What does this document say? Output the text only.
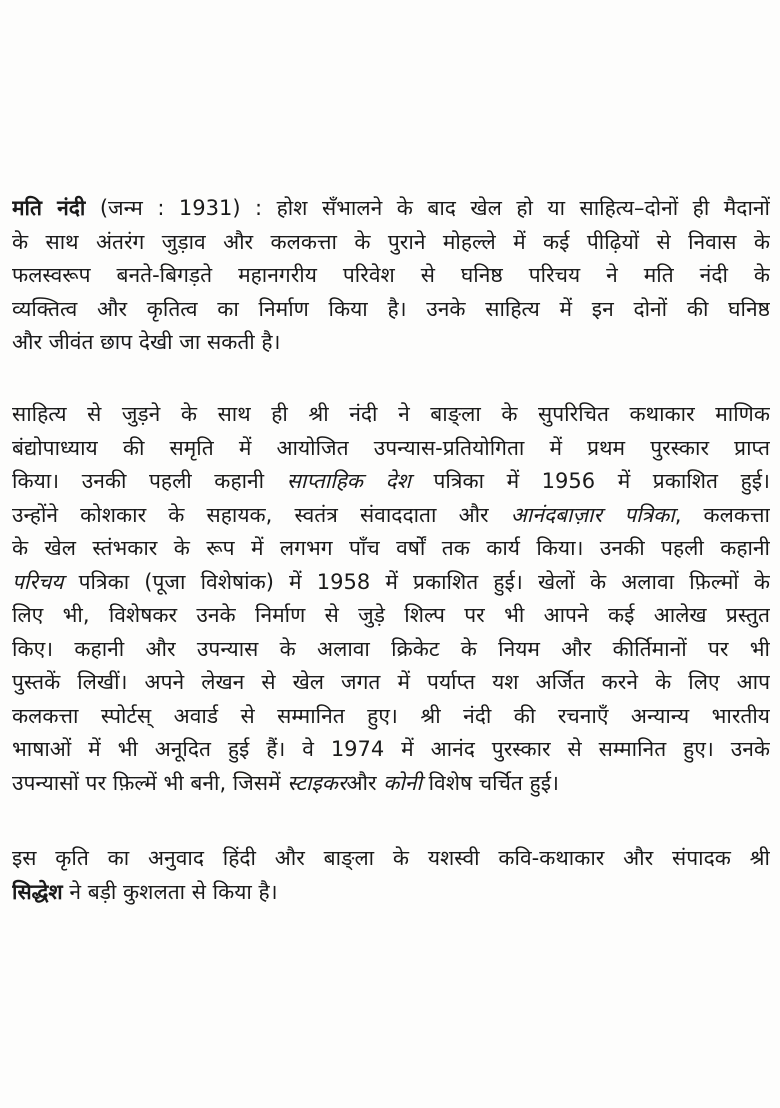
मति नंदी (जन्म : 1931) : होश सँभालने के बाद खेल हो या साहित्य–दोनों ही मैदानों
के साथ अंतरंग जुड़ाव और कलकत्ता के पुराने मोहल्ले में कई पीढ़ियों से निवास के
फलस्वरूप बनते-बिगड़ते महानगरीय परिवेश से घनिष्ठ परिचय ने मति नंदी के
व्यक्तित्व और कृतित्व का निर्माण किया है। उनके साहित्य में इन दोनों की घनिष्ठ
और जीवंत छाप देखी जा सकती है।
साहित्य से जुड़ने के साथ ही श्री नंदी ने बाङ्ला के सुपरिचित कथाकार माणिक
बंद्योपाध्याय की समृति में आयोजित उपन्यास-प्रतियोगिता में प्रथम पुरस्कार प्राप्त
किया। उनकी पहली कहानी साप्ताहिक देश पत्रिका में 1956 में प्रकाशित हुई।
उन्होंने कोशकार के सहायक, स्वतंत्र संवाददाता और आनंदबाज़ार पत्रिका, कलकत्ता
के खेल स्तंभकार के रूप में लगभग पाँच वर्षों तक कार्य किया। उनकी पहली कहानी
परिचय पत्रिका (पूजा विशेषांक) में 1958 में प्रकाशित हुई। खेलों के अलावा फ़िल्मों के
लिए भी, विशेषकर उनके निर्माण से जुड़े शिल्प पर भी आपने कई आलेख प्रस्तुत
किए। कहानी और उपन्यास के अलावा क्रिकेट के नियम और कीर्तिमानों पर भी
पुस्तकें लिखीं। अपने लेखन से खेल जगत में पर्याप्त यश अर्जित करने के लिए आप
कलकत्ता स्पोर्टस् अवार्ड से सम्मानित हुए। श्री नंदी की रचनाएँ अन्यान्य भारतीय
भाषाओं में भी अनूदित हुई हैं। वे 1974 में आनंद पुरस्कार से सम्मानित हुए। उनके
उपन्यासों पर फ़िल्में भी बनी, जिसमें स्टाइकरऔर कोनी विशेष चर्चित हुई।
इस कृति का अनुवाद हिंदी और बाङ्ला के यशस्वी कवि-कथाकार और संपादक श्री
सिद्धेश ने बड़ी कुशलता से किया है।
